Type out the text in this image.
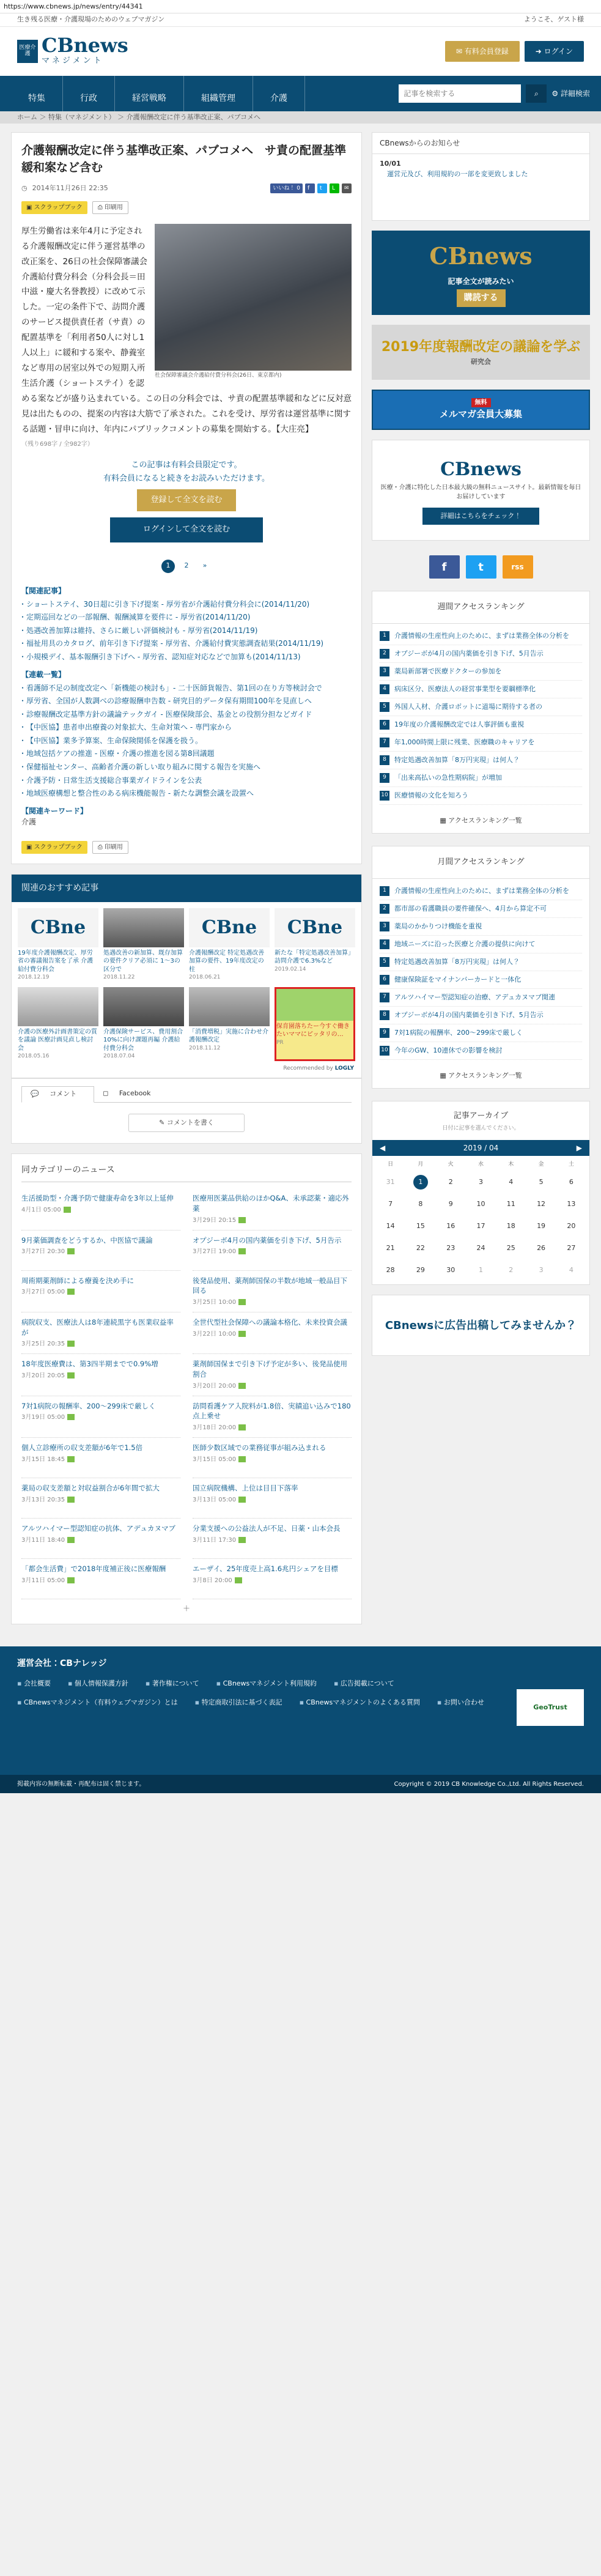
https://www.cbnews.jp/news/entry/44341
生き残る医療・介護現場のためのウェブマガジン	ようこそ、ゲスト様
医療介護 CBnews
マネジメント
✉ 有料会員登録	➜ ログイン
特集	行政	経営戦略	組織管理	介護
記事を検索する	⌕ ⚙ 詳細検索
ホーム ＞ 特集（マネジメント） ＞ 介護報酬改定に伴う基準改正案、パブコメへ
介護報酬改定に伴う基準改正案、パブコメへ　サ責の配置基準緩和案など含む
◷ 2014年11月26日 22:35	いいね！ 0	f	t	L	✉
▣ スクラップブック	⎙ 印刷用
社会保障審議会介護給付費分科会(26日、東京都内)

厚生労働省は来年4月に予定される介護報酬改定に伴う運営基準の改正案を、26日の社会保障審議会介護給付費分科会（分科会長＝田中滋・慶大名誉教授）に改めて示した。一定の条件下で、訪問介護のサービス提供責任者（サ責）の配置基準を「利用者50人に対し1人以上」に緩和する案や、静養室など専用の居室以外での短期入所生活介護（ショートステイ）を認める案などが盛り込まれている。この日の分科会では、サ責の配置基準緩和などに反対意見は出たものの、提案の内容は大筋で了承された。これを受け、厚労省は運営基準に関する話題・冒申に向け、年内にパブリックコメントの募集を開始する。【大庄亮】

（残り698字 / 全982字）
この記事は有料会員限定です。
有料会員になると続きをお読みいただけます。
登録して全文を読む
ログインして全文を読む
1	2	»
【関連記事】
・ ショートステイ、30日超に引き下げ提案 - 厚労省が介護給付費分科会に(2014/11/20)
・ 定期巡回などの一部報酬、報酬減算を要件に - 厚労省(2014/11/20)
・ 処遇改善加算は維持、さらに厳しい評価検討も - 厚労省(2014/11/19)
・ 福祉用具のカタログ、前年引き下げ提案 - 厚労省、介護給付費実態調査結果(2014/11/19)
・ 小規模デイ、基本報酬引き下げへ - 厚労省、認知症対応などで加算も(2014/11/13)
【連載一覧】
・ 看護師不足の制度改定へ「新機能の検討も」- 二十医師貨報告、第1回の在り方等検討会で
・ 厚労省、全国が人数調べの診療報酬申告数 - 研究目的データ保有期間100年を見直しへ
・ 診療報酬改定基準方針の議論テックガイ - 医療保険部会、基金との役割分担などガイド
・ 【中医協】患者申出療養の対象拡大、生命対策へ - 専門家から
・ 【中医協】業多予算案、生命保険関係を保護を扱う。
・ 地域包括ケアの推進 - 医療・介護の推進を図る第8回議題
・ 保健福祉センター、高齢者介護の新しい取り組みに関する報告を実施へ
・ 介護予防・日常生活支援総合事業ガイドラインを公表
・ 地域医療構想と整合性のある病床機能報告 - 新たな調整会議を設置へ
【関連キーワード】
介護
▣ スクラップブック	⎙ 印刷用
関連のおすすめ記事
CBne
19年度介護報酬改定、厚労省の審議報告案を了承 介護給付費分科会
2018.12.19
処遇改善の新加算、既存加算の要件クリア必須に 1～3の区分で
2018.11.22
CBne
介護報酬改定 特定処遇改善加算の要件、19年度改定の柱
2018.06.21
CBne
新たな「特定処遇改善加算」訪問介護で6.3%など
2019.02.14
介護の医療外計画書策定の質を議論 医療計画見直し検討会
2018.05.16
介護保険サービス、費用割合10%に向け課題再編 介護給付費分科会
2018.07.04
「消費増税」実施に合わせ介護報酬改定
2018.11.12
保育園落ちたー今すぐ働きたいママにピッタリの…
PR
Recommended by LOGLY
💬 コメント	◻ Facebook
✎ コメントを書く
同カテゴリーのニュース
生活援助型・介護予防で健康寿命を3年以上延伸
4月1日 05:00
医療用医薬品供給のほかQ&A、未承認薬・適応外薬
3月29日 20:15
9月薬価調査をどうするか、中医協で議論
3月27日 20:30
オプジーボ4月の国内薬価を引き下げ、5月告示
3月27日 19:00
周術期薬剤師による療養を決め手に
3月27日 05:00
後発品使用、薬剤師国保の半数が地域一般品目下回る
3月25日 10:00
病院収支、医療法人は8年連続黒字も医業収益率が
3月25日 20:35
全世代型社会保障への議論本格化、未来投資会議
3月22日 10:00
18年度医療費は、第3四半期までで0.9%増
3月20日 20:05
薬剤師国保まで引き下げ予定が多い、後発品使用割合
3月20日 20:00
7対1病院の報酬率、200～299床で厳しく
3月19日 05:00
訪問看護ケア入院料が1.8倍、実績追い込みで180点上乗せ
3月18日 20:00
個人立診療所の収支差額が6年で1.5倍
3月15日 18:45
医師少数区域での業務従事が組み込まれる
3月15日 05:00
薬局の収支差額と対収益割合が6年間で拡大
3月13日 20:35
国立病院機構、上位は目目下落率
3月13日 05:00
アルツハイマー型認知症の抗体、アデュカヌマブ
3月11日 18:40
分業支援への公益法人が不足、日薬・山本会長
3月11日 17:30
「都会生活費」で2018年度補正後に医療報酬
3月11日 05:00
エーザイ、25年度売上高1.6兆円シェアを目標
3月8日 20:00
＋
CBnewsからのお知らせ
10/01
運営元及び、利用規約の一部を変更致しました
CBnews
記事全文が読みたい
購読する
2019年度報酬改定の議論を学ぶ
研究会
無料
メルマガ会員大募集
CBnews
医療・介護に特化した日本最大級の無料ニュースサイト。最新情報を毎日お届けしています
詳細はこちらをチェック！
f	t	rss
週間アクセスランキング
1	介護情報の生産性向上のために、まずは業務全体の分析を
2	オプジーボが4月の国内薬価を引き下げ、5月告示
3	薬局新部署で医療ドクターの参加を
4	病床区分、医療法人の経営事業型を要綱標準化
5	外国人入材、介護ロボットに道場に期待する者の
6	19年度の介護報酬改定では人事評価も重視
7	年1,000時間上限に残業、医療職のキャリアを
8	特定処遇改善加算「8万円実現」は何人？
9	「出来高払いの急性期病院」が増加
10 医療情報の文化を知ろう
▦ アクセスランキング一覧
月間アクセスランキング
1	介護情報の生産性向上のために、まずは業務全体の分析を
2	都市部の看護職員の要件確保へ、4月から算定不可
3	薬局のかかりつけ機能を重視
4	地域ニーズに沿った医療と介護の提供に向けて
5	特定処遇改善加算「8万円実現」は何人？
6	健康保険証をマイナンバーカードと一体化
7	アルツハイマー型認知症の治療、アデュカヌマブ関連
8	オプジーボが4月の国内薬価を引き下げ、5月告示
9	7対1病院の報酬率、200～299床で厳しく
10 今年のGW、10連休での影響を検討
▦ アクセスランキング一覧
記事アーカイブ
日付に記事を選んでください。
◀	2019 / 04	▶
日	月	火	水	木	金	土
31	1	2	3	4	5	6
7	8	9	10	11	12	13
14	15	16	17	18	19	20
21	22	23	24	25	26	27
28	29	30	1	2	3	4
CBnewsに広告出稿してみませんか？
運営会社：CBナレッジ
▪ 会社概要	▪ 個人情報保護方針	▪ 著作権について	▪ CBnewsマネジメント利用規約	▪ 広告掲載について
▪ CBnewsマネジメント（有料ウェブマガジン）とは	▪ 特定商取引法に基づく表記	▪ CBnewsマネジメントのよくある質問	▪ お問い合わせ
GeoTrust
掲載内容の無断転載・再配布は固く禁じます。	Copyright © 2019 CB Knowledge Co.,Ltd. All Rights Reserved.
